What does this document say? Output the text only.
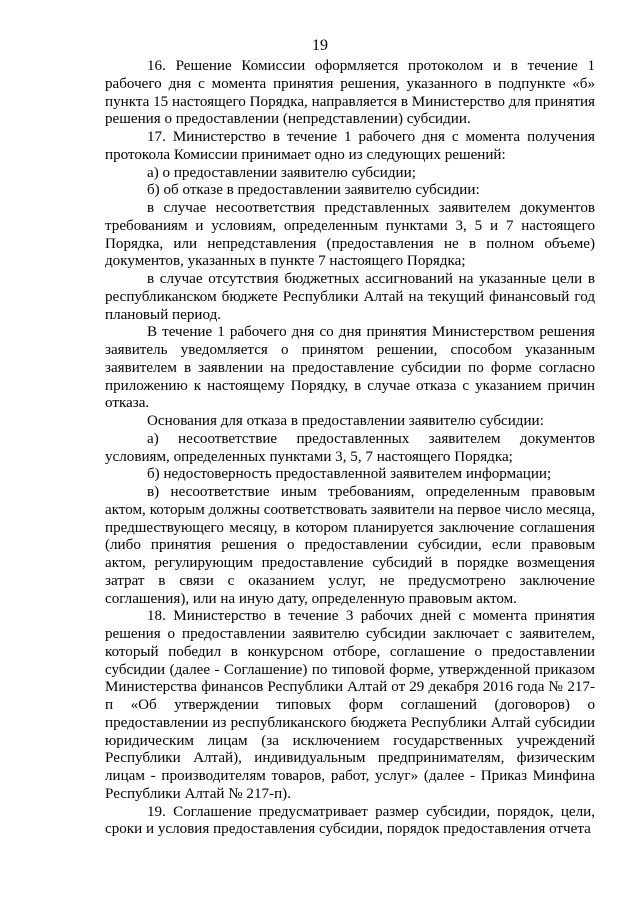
19

16. Решение Комиссии оформляется протоколом и в течение 1 рабочего дня с момента принятия решения, указанного в подпункте «б» пункта 15 настоящего Порядка, направляется в Министерство для принятия решения о предоставлении (непредставлении) субсидии.

17. Министерство в течение 1 рабочего дня с момента получения протокола Комиссии принимает одно из следующих решений:

а) о предоставлении заявителю субсидии;

б) об отказе в предоставлении заявителю субсидии:

в случае несоответствия представленных заявителем документов требованиям и условиям, определенным пунктами 3, 5 и 7 настоящего Порядка, или непредставления (предоставления не в полном объеме) документов, указанных в пункте 7 настоящего Порядка;

в случае отсутствия бюджетных ассигнований на указанные цели в республиканском бюджете Республики Алтай на текущий финансовый год плановый период.

В течение 1 рабочего дня со дня принятия Министерством решения заявитель уведомляется о принятом решении, способом указанным заявителем в заявлении на предоставление субсидии по форме согласно приложению к настоящему Порядку, в случае отказа с указанием причин отказа.

Основания для отказа в предоставлении заявителю субсидии:

а) несоответствие предоставленных заявителем документов условиям, определенных пунктами 3, 5, 7 настоящего Порядка;

б) недостоверность предоставленной заявителем информации;

в) несоответствие иным требованиям, определенным правовым актом, которым должны соответствовать заявители на первое число месяца, предшествующего месяцу, в котором планируется заключение соглашения (либо принятия решения о предоставлении субсидии, если правовым актом, регулирующим предоставление субсидий в порядке возмещения затрат в связи с оказанием услуг, не предусмотрено заключение соглашения), или на иную дату, определенную правовым актом.

18. Министерство в течение 3 рабочих дней с момента принятия решения о предоставлении заявителю субсидии заключает с заявителем, который победил в конкурсном отборе, соглашение о предоставлении субсидии (далее - Соглашение) по типовой форме, утвержденной приказом Министерства финансов Республики Алтай от 29 декабря 2016 года № 217-п «Об утверждении типовых форм соглашений (договоров) о предоставлении из республиканского бюджета Республики Алтай субсидии юридическим лицам (за исключением государственных учреждений Республики Алтай), индивидуальным предпринимателям, физическим лицам - производителям товаров, работ, услуг» (далее - Приказ Минфина Республики Алтай № 217-п).

19. Соглашение предусматривает размер субсидии, порядок, цели, сроки и условия предоставления субсидии, порядок предоставления отчета
